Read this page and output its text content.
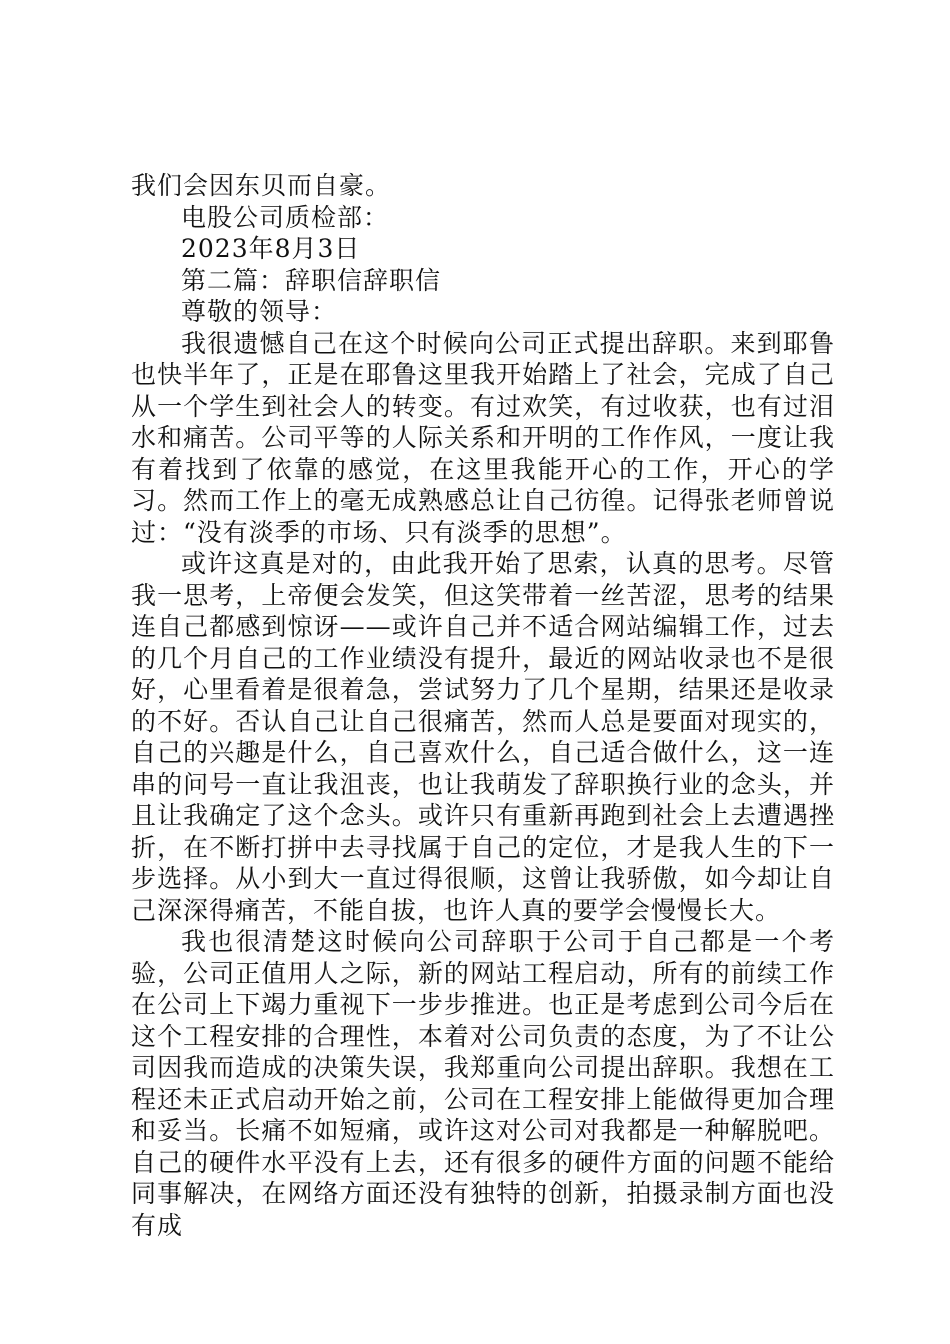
我们会因东贝而自豪。

电股公司质检部：

2023年8月3日

第二篇：辞职信辞职信

尊敬的领导：

我很遗憾自己在这个时候向公司正式提出辞职。来到耶鲁也快半年了，正是在耶鲁这里我开始踏上了社会，完成了自己从一个学生到社会人的转变。有过欢笑，有过收获，也有过泪水和痛苦。公司平等的人际关系和开明的工作作风，一度让我有着找到了依靠的感觉，在这里我能开心的工作，开心的学习。然而工作上的毫无成熟感总让自己彷徨。记得张老师曾说过：“没有淡季的市场、只有淡季的思想”。

或许这真是对的，由此我开始了思索，认真的思考。尽管我一思考，上帝便会发笑，但这笑带着一丝苦涩，思考的结果连自己都感到惊讶——或许自己并不适合网站编辑工作，过去的几个月自己的工作业绩没有提升，最近的网站收录也不是很好，心里看着是很着急，尝试努力了几个星期，结果还是收录的不好。否认自己让自己很痛苦，然而人总是要面对现实的，自己的兴趣是什么，自己喜欢什么，自己适合做什么，这一连串的问号一直让我沮丧，也让我萌发了辞职换行业的念头，并且让我确定了这个念头。或许只有重新再跑到社会上去遭遇挫折，在不断打拼中去寻找属于自己的定位，才是我人生的下一步选择。从小到大一直过得很顺，这曾让我骄傲，如今却让自己深深得痛苦，不能自拔，也许人真的要学会慢慢长大。

我也很清楚这时候向公司辞职于公司于自己都是一个考验，公司正值用人之际，新的网站工程启动，所有的前续工作在公司上下竭力重视下一步步推进。也正是考虑到公司今后在这个工程安排的合理性，本着对公司负责的态度，为了不让公司因我而造成的决策失误，我郑重向公司提出辞职。我想在工程还未正式启动开始之前，公司在工程安排上能做得更加合理和妥当。长痛不如短痛，或许这对公司对我都是一种解脱吧。自己的硬件水平没有上去，还有很多的硬件方面的问题不能给同事解决，在网络方面还没有独特的创新，拍摄录制方面也没有成
